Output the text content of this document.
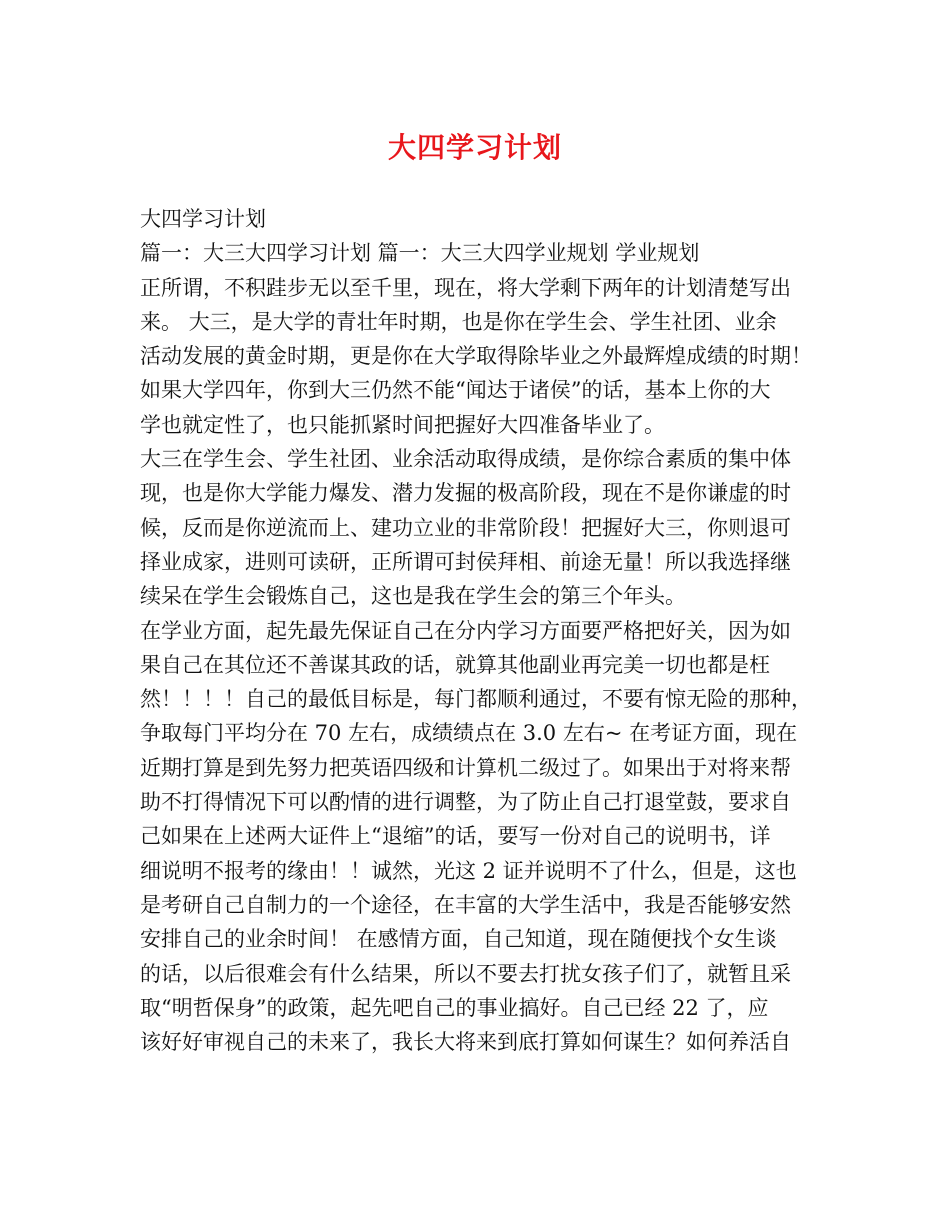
大四学习计划
大四学习计划
篇一：大三大四学习计划 篇一：大三大四学业规划 学业规划
正所谓，不积跬步无以至千里，现在，将大学剩下两年的计划清楚写出
来。 大三，是大学的青壮年时期，也是你在学生会、学生社团、业余
活动发展的黄金时期，更是你在大学取得除毕业之外最辉煌成绩的时期！
如果大学四年，你到大三仍然不能“闻达于诸侯”的话，基本上你的大
学也就定性了，也只能抓紧时间把握好大四准备毕业了。
大三在学生会、学生社团、业余活动取得成绩，是你综合素质的集中体
现，也是你大学能力爆发、潜力发掘的极高阶段，现在不是你谦虚的时
候，反而是你逆流而上、建功立业的非常阶段！把握好大三，你则退可
择业成家，进则可读研，正所谓可封侯拜相、前途无量！所以我选择继
续呆在学生会锻炼自己，这也是我在学生会的第三个年头。
在学业方面，起先最先保证自己在分内学习方面要严格把好关，因为如
果自己在其位还不善谋其政的话，就算其他副业再完美一切也都是枉
然！！！！自己的最低目标是，每门都顺利通过，不要有惊无险的那种，
争取每门平均分在 70 左右，成绩绩点在 3.0 左右~ 在考证方面，现在
近期打算是到先努力把英语四级和计算机二级过了。如果出于对将来帮
助不打得情况下可以酌情的进行调整，为了防止自己打退堂鼓，要求自
己如果在上述两大证件上“退缩”的话，要写一份对自己的说明书，详
细说明不报考的缘由！！诚然，光这 2 证并说明不了什么，但是，这也
是考研自己自制力的一个途径，在丰富的大学生活中，我是否能够安然
安排自己的业余时间！ 在感情方面，自己知道，现在随便找个女生谈
的话，以后很难会有什么结果，所以不要去打扰女孩子们了，就暂且采
取“明哲保身”的政策，起先吧自己的事业搞好。自己已经 22 了，应
该好好审视自己的未来了，我长大将来到底打算如何谋生？如何养活自
